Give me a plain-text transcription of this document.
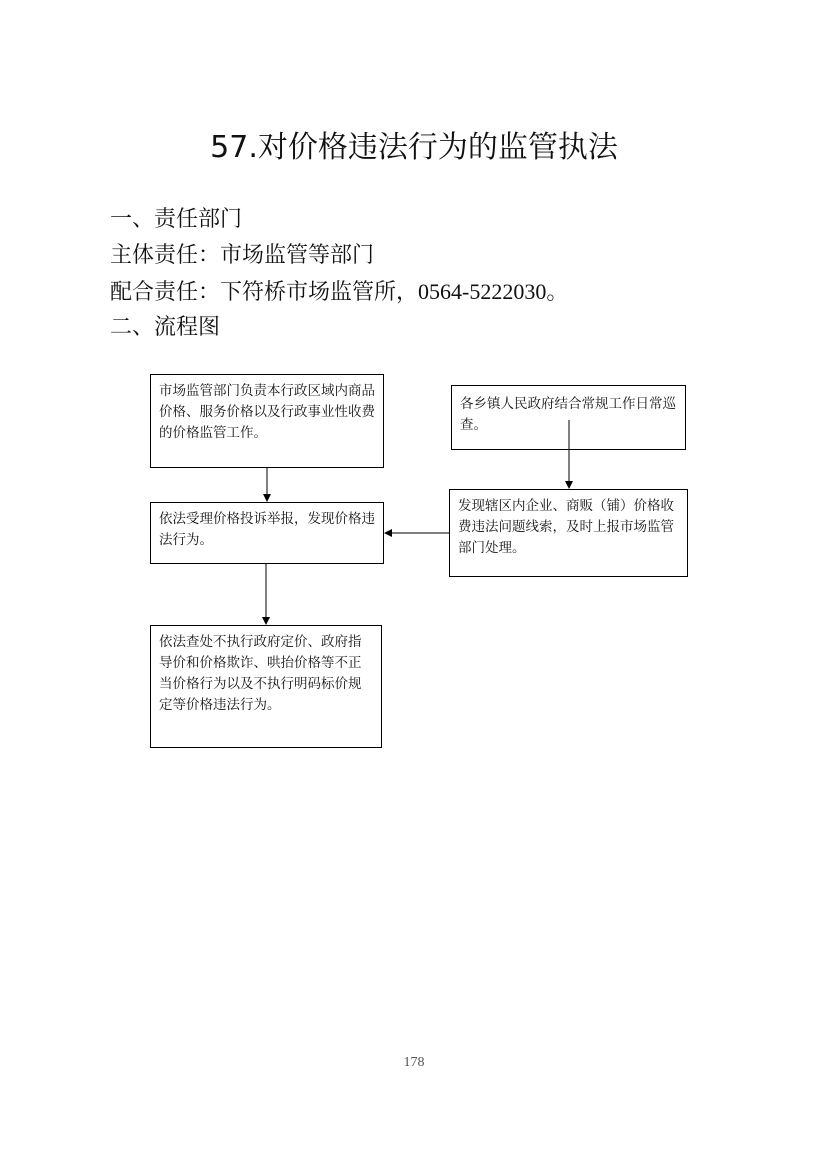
57.对价格违法行为的监管执法
一、责任部门
主体责任：市场监管等部门
配合责任：下符桥市场监管所，0564-5222030。
二、流程图
市场监管部门负责本行政区域内商品价格、服务价格以及行政事业性收费的价格监管工作。
各乡镇人民政府结合常规工作日常巡查。
依法受理价格投诉举报，发现价格违法行为。
发现辖区内企业、商贩（铺）价格收费违法问题线索，及时上报市场监管部门处理。
依法查处不执行政府定价、政府指导价和价格欺诈、哄抬价格等不正当价格行为以及不执行明码标价规定等价格违法行为。
178
